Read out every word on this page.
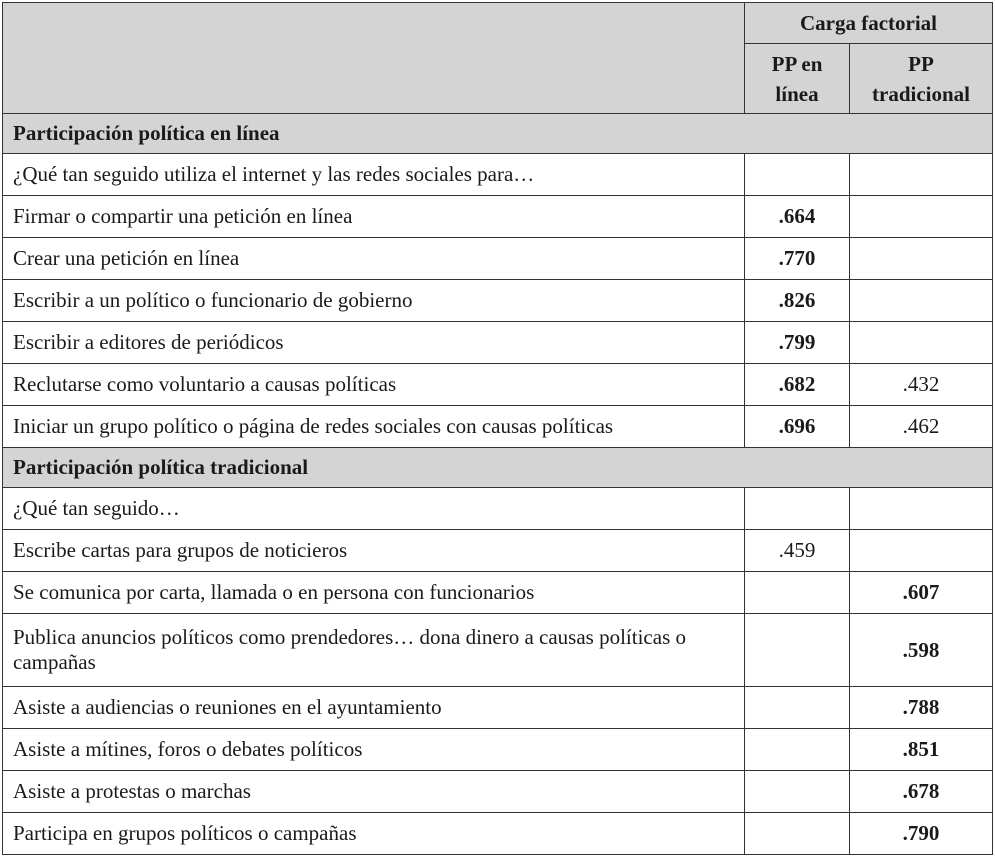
	Carga factorial	
	PP en línea	PP tradicional
Participación política en línea		
¿Qué tan seguido utiliza el internet y las redes sociales para…		
Firmar o compartir una petición en línea	.664	
Crear una petición en línea	.770	
Escribir a un político o funcionario de gobierno	.826	
Escribir a editores de periódicos	.799	
Reclutarse como voluntario a causas políticas	.682	.432
Iniciar un grupo político o página de redes sociales con causas políticas	.696	.462
Participación política tradicional		
¿Qué tan seguido…		
Escribe cartas para grupos de noticieros	.459	
Se comunica por carta, llamada o en persona con funcionarios		.607
Publica anuncios políticos como prendedores… dona dinero a causas políticas o campañas		.598
Asiste a audiencias o reuniones en el ayuntamiento		.788
Asiste a mítines, foros o debates políticos		.851
Asiste a protestas o marchas		.678
Participa en grupos políticos o campañas		.790
